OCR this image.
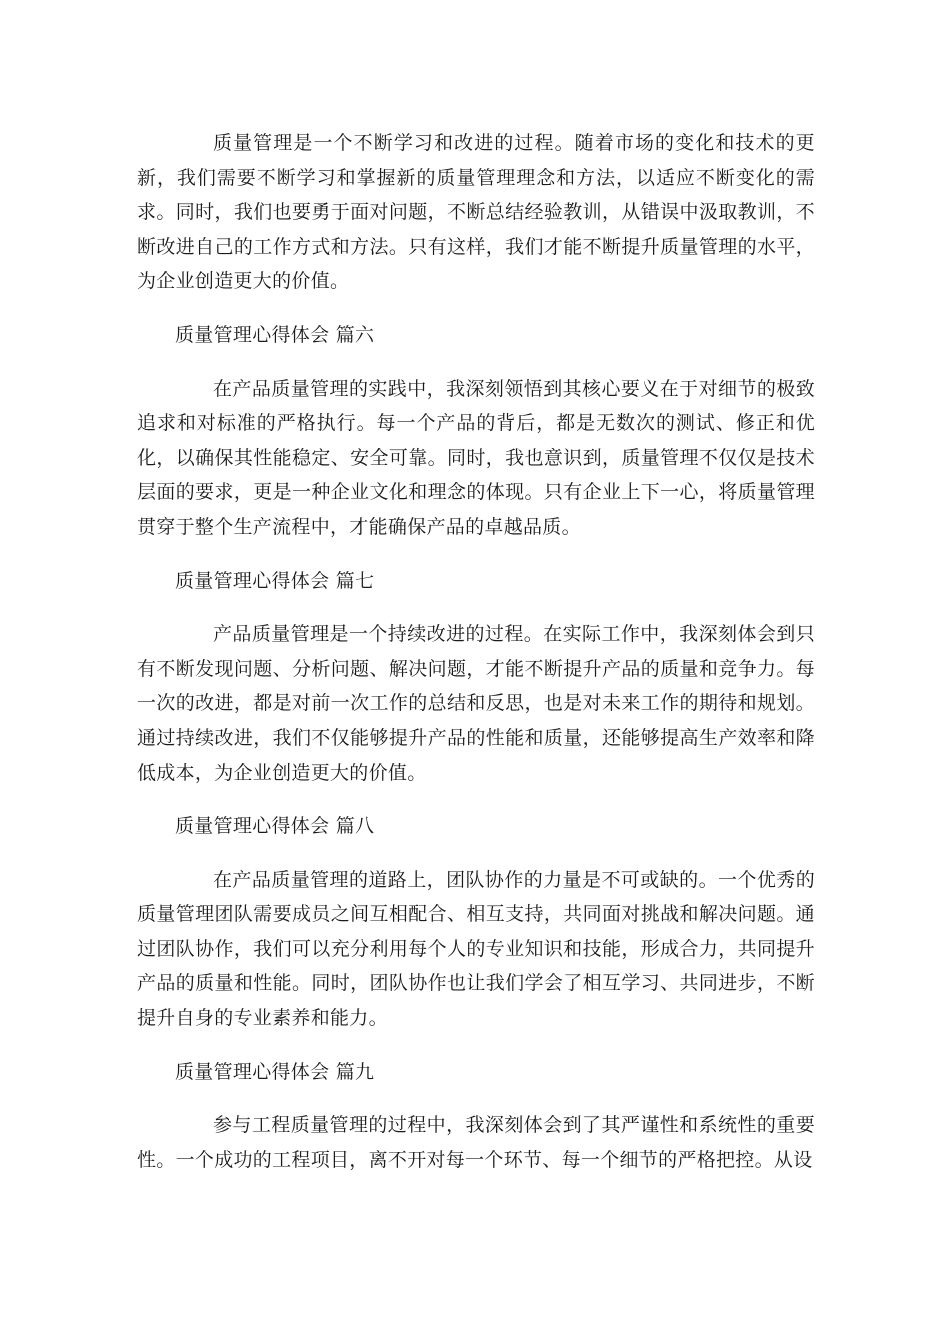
质量管理是一个不断学习和改进的过程。随着市场的变化和技术的更新，我们需要不断学习和掌握新的质量管理理念和方法，以适应不断变化的需求。同时，我们也要勇于面对问题，不断总结经验教训，从错误中汲取教训，不断改进自己的工作方式和方法。只有这样，我们才能不断提升质量管理的水平，为企业创造更大的价值。

质量管理心得体会 篇六

在产品质量管理的实践中，我深刻领悟到其核心要义在于对细节的极致追求和对标准的严格执行。每一个产品的背后，都是无数次的测试、修正和优化，以确保其性能稳定、安全可靠。同时，我也意识到，质量管理不仅仅是技术层面的要求，更是一种企业文化和理念的体现。只有企业上下一心，将质量管理贯穿于整个生产流程中，才能确保产品的卓越品质。

质量管理心得体会 篇七

产品质量管理是一个持续改进的过程。在实际工作中，我深刻体会到只有不断发现问题、分析问题、解决问题，才能不断提升产品的质量和竞争力。每一次的改进，都是对前一次工作的总结和反思，也是对未来工作的期待和规划。通过持续改进，我们不仅能够提升产品的性能和质量，还能够提高生产效率和降低成本，为企业创造更大的价值。

质量管理心得体会 篇八

在产品质量管理的道路上，团队协作的力量是不可或缺的。一个优秀的质量管理团队需要成员之间互相配合、相互支持，共同面对挑战和解决问题。通过团队协作，我们可以充分利用每个人的专业知识和技能，形成合力，共同提升产品的质量和性能。同时，团队协作也让我们学会了相互学习、共同进步，不断提升自身的专业素养和能力。

质量管理心得体会 篇九

参与工程质量管理的过程中，我深刻体会到了其严谨性和系统性的重要性。一个成功的工程项目，离不开对每一个环节、每一个细节的严格把控。从设
